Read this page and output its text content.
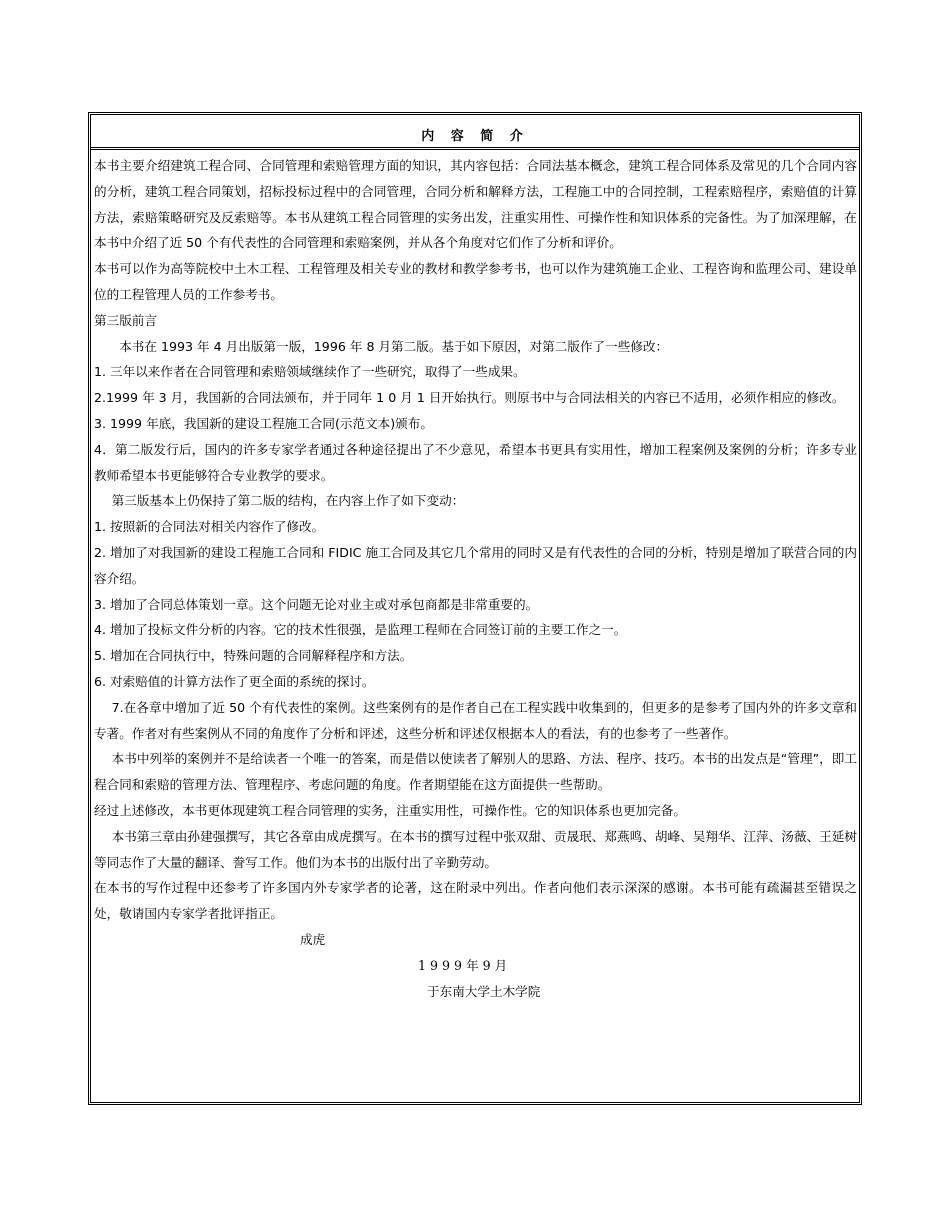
内 容 简 介

本书主要介绍建筑工程合同、合同管理和索赔管理方面的知识，其内容包括：合同法基本概念，建筑工程合同体系及常见的几个合同内容的分析，建筑工程合同策划，招标投标过程中的合同管理，合同分析和解释方法，工程施工中的合同控制，工程索赔程序，索赔值的计算方法，索赔策略研究及反索赔等。本书从建筑工程合同管理的实务出发，注重实用性、可操作性和知识体系的完备性。为了加深理解，在本书中介绍了近 50 个有代表性的合同管理和索赔案例，并从各个角度对它们作了分析和评价。

本书可以作为高等院校中土木工程、工程管理及相关专业的教材和教学参考书，也可以作为建筑施工企业、工程咨询和监理公司、建设单位的工程管理人员的工作参考书。

第三版前言

本书在 1993 年 4 月出版第一版，1996 年 8 月第二版。基于如下原因，对第二版作了一些修改：

1. 三年以来作者在合同管理和索赔领域继续作了一些研究，取得了一些成果。

2.1999 年 3 月，我国新的合同法颁布，并于同年 1 0 月 1 日开始执行。则原书中与合同法相关的内容已不适用，必须作相应的修改。

3. 1999 年底，我国新的建设工程施工合同(示范文本)颁布。

4．第二版发行后，国内的许多专家学者通过各种途径提出了不少意见，希望本书更具有实用性，增加工程案例及案例的分析；许多专业教师希望本书更能够符合专业教学的要求。

第三版基本上仍保持了第二版的结构，在内容上作了如下变动：

1. 按照新的合同法对相关内容作了修改。

2. 增加了对我国新的建设工程施工合同和 FIDIC 施工合同及其它几个常用的同时又是有代表性的合同的分析，特别是增加了联营合同的内容介绍。

3. 增加了合同总体策划一章。这个问题无论对业主或对承包商都是非常重要的。

4. 增加了投标文件分析的内容。它的技术性很强，是监理工程师在合同签订前的主要工作之一。

5. 增加在合同执行中，特殊问题的合同解释程序和方法。

6. 对索赔值的计算方法作了更全面的系统的探讨。

7.在各章中增加了近 50 个有代表性的案例。这些案例有的是作者自己在工程实践中收集到的，但更多的是参考了国内外的许多文章和专著。作者对有些案例从不同的角度作了分析和评述，这些分析和评述仅根据本人的看法，有的也参考了一些著作。

本书中列举的案例并不是给读者一个唯一的答案，而是借以使读者了解别人的思路、方法、程序、技巧。本书的出发点是“管理”，即工程合同和索赔的管理方法、管理程序、考虑问题的角度。作者期望能在这方面提供一些帮助。

经过上述修改，本书更体现建筑工程合同管理的实务，注重实用性，可操作性。它的知识体系也更加完备。

本书第三章由孙建强撰写，其它各章由成虎撰写。在本书的撰写过程中张双甜、贡晟珉、郑燕鸣、胡峰、吴翔华、江萍、汤薇、王延树等同志作了大量的翻译、誊写工作。他们为本书的出版付出了辛勤劳动。

在本书的写作过程中还参考了许多国内外专家学者的论著，这在附录中列出。作者向他们表示深深的感谢。本书可能有疏漏甚至错误之处，敬请国内专家学者批评指正。

成虎

1 9 9 9 年 9 月

于东南大学土木学院
